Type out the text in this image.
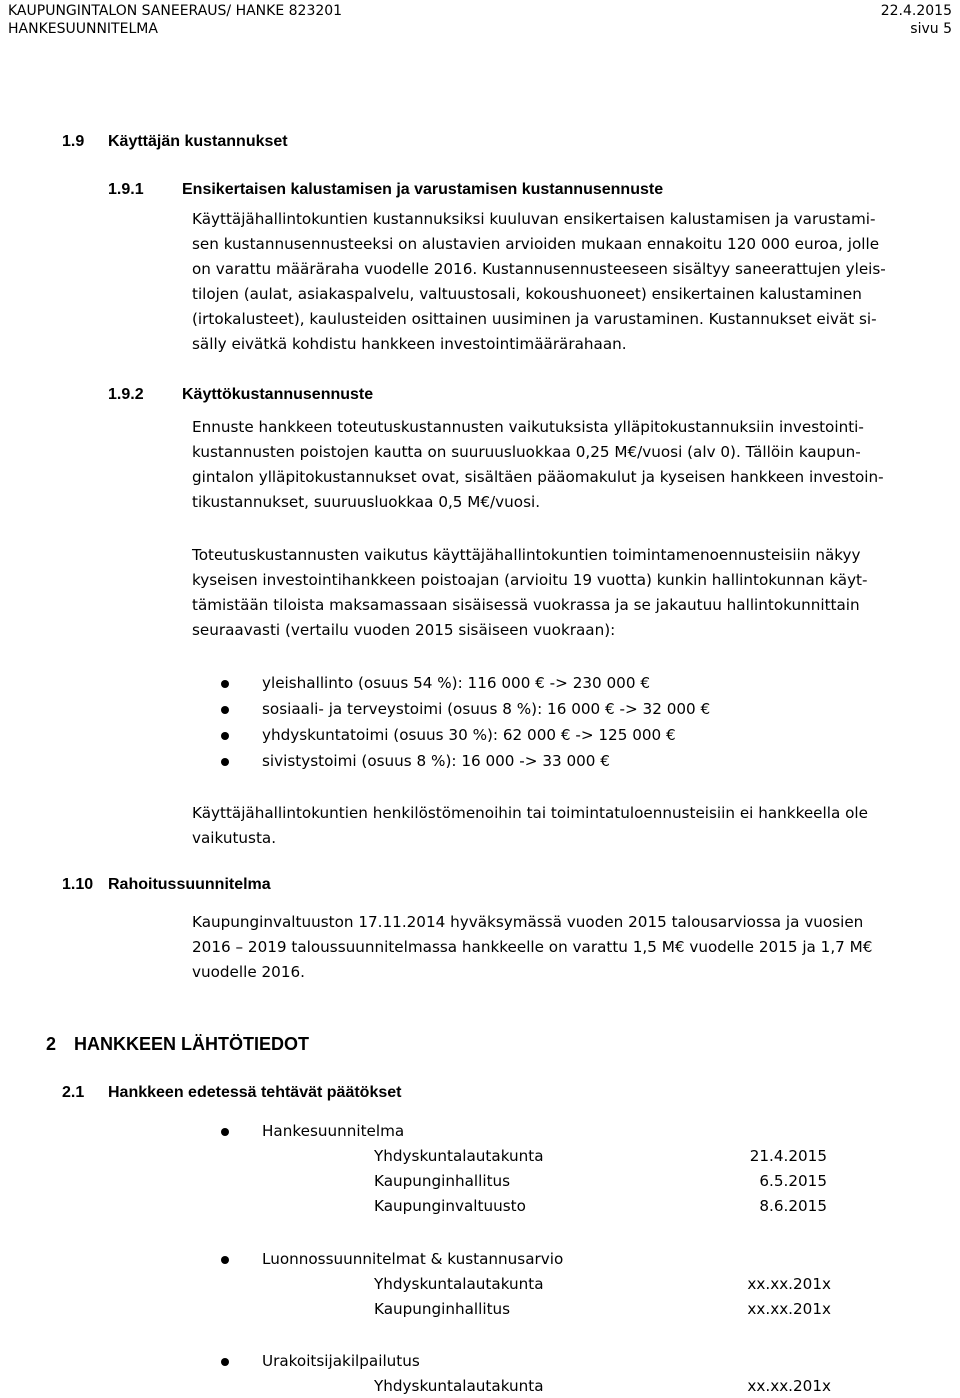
KAUPUNGINTALON SANEERAUS/ HANKE 823201	22.4.2015
HANKESUUNNITELMA	sivu 5
1.9 Käyttäjän kustannukset
1.9.1 Ensikertaisen kalustamisen ja varustamisen kustannusennuste
Käyttäjähallintokuntien kustannuksiksi kuuluvan ensikertaisen kalustamisen ja varustami-
sen kustannusennusteeksi on alustavien arvioiden mukaan ennakoitu 120 000 euroa, jolle
on varattu määräraha vuodelle 2016. Kustannusennusteeseen sisältyy saneerattujen yleis-
tilojen (aulat, asiakaspalvelu, valtuustosali, kokoushuoneet) ensikertainen kalustaminen
(irtokalusteet), kaulusteiden osittainen uusiminen ja varustaminen. Kustannukset eivät si-
sälly eivätkä kohdistu hankkeen investointimäärärahaan.
1.9.2 Käyttökustannusennuste
Ennuste hankkeen toteutuskustannusten vaikutuksista ylläpitokustannuksiin investointi-
kustannusten poistojen kautta on suuruusluokkaa 0,25 M€/vuosi (alv 0). Tällöin kaupun-
gintalon ylläpitokustannukset ovat, sisältäen pääomakulut ja kyseisen hankkeen investoin-
tikustannukset, suuruusluokkaa 0,5 M€/vuosi.
Toteutuskustannusten vaikutus käyttäjähallintokuntien toimintamenoennusteisiin näkyy
kyseisen investointihankkeen poistoajan (arvioitu 19 vuotta) kunkin hallintokunnan käyt-
tämistään tiloista maksamassaan sisäisessä vuokrassa ja se jakautuu hallintokunnittain
seuraavasti (vertailu vuoden 2015 sisäiseen vuokraan):
yleishallinto (osuus 54 %): 116 000 € -> 230 000 €
sosiaali- ja terveystoimi (osuus 8 %): 16 000 € -> 32 000 €
yhdyskuntatoimi (osuus 30 %): 62 000 € -> 125 000 €
sivistystoimi (osuus 8 %): 16 000 -> 33 000 €
Käyttäjähallintokuntien henkilöstömenoihin tai toimintatuloennusteisiin ei hankkeella ole
vaikutusta.
1.10 Rahoitussuunnitelma
Kaupunginvaltuuston 17.11.2014 hyväksymässä vuoden 2015 talousarviossa ja vuosien
2016 – 2019 taloussuunnitelmassa hankkeelle on varattu 1,5 M€ vuodelle 2015 ja 1,7 M€
vuodelle 2016.
2 HANKKEEN LÄHTÖTIEDOT
2.1 Hankkeen edetessä tehtävät päätökset
Hankesuunnitelma
Yhdyskuntalautakunta	21.4.2015
Kaupunginhallitus	6.5.2015
Kaupunginvaltuusto	8.6.2015
Luonnossuunnitelmat & kustannusarvio
Yhdyskuntalautakunta	xx.xx.201x
Kaupunginhallitus	xx.xx.201x
Urakoitsijakilpailutus
Yhdyskuntalautakunta	xx.xx.201x
